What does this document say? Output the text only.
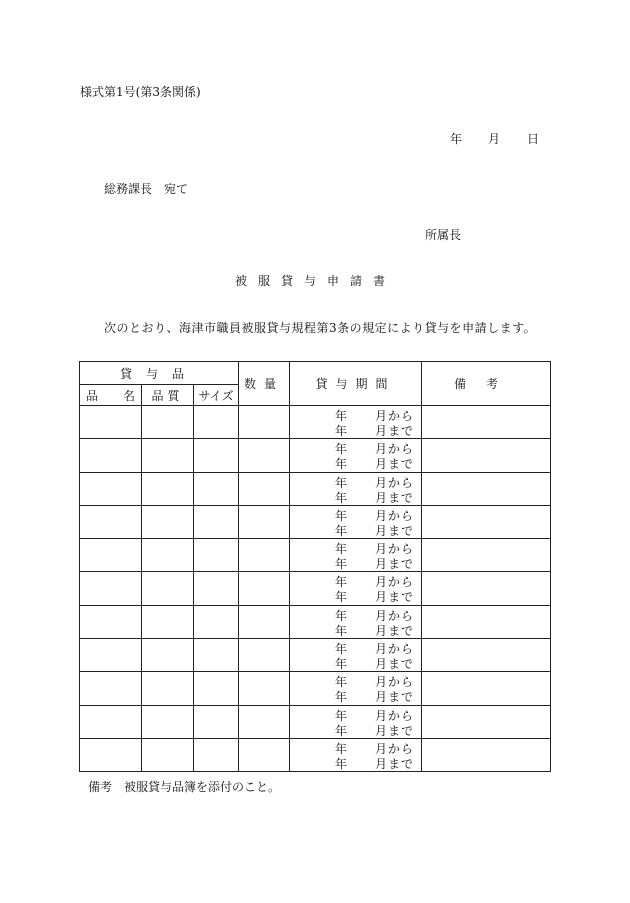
様式第1号(第3条関係)
年 月 日
総務課長　宛て
所属長
被服貸与申請書
次のとおり、海津市職員被服貸与規程第3条の規定により貸与を申請します。
貸与品			数量	貸与期間	備考

品 名	品質	サイズ			

				年 月から
年 月まで	

				年 月から
年 月まで	

				年 月から
年 月まで	

				年 月から
年 月まで	

				年 月から
年 月まで	

				年 月から
年 月まで	

				年 月から
年 月まで	

				年 月から
年 月まで	

				年 月から
年 月まで	

				年 月から
年 月まで	

				年 月から
年 月まで	

備考　被服貸与品簿を添付のこと。
